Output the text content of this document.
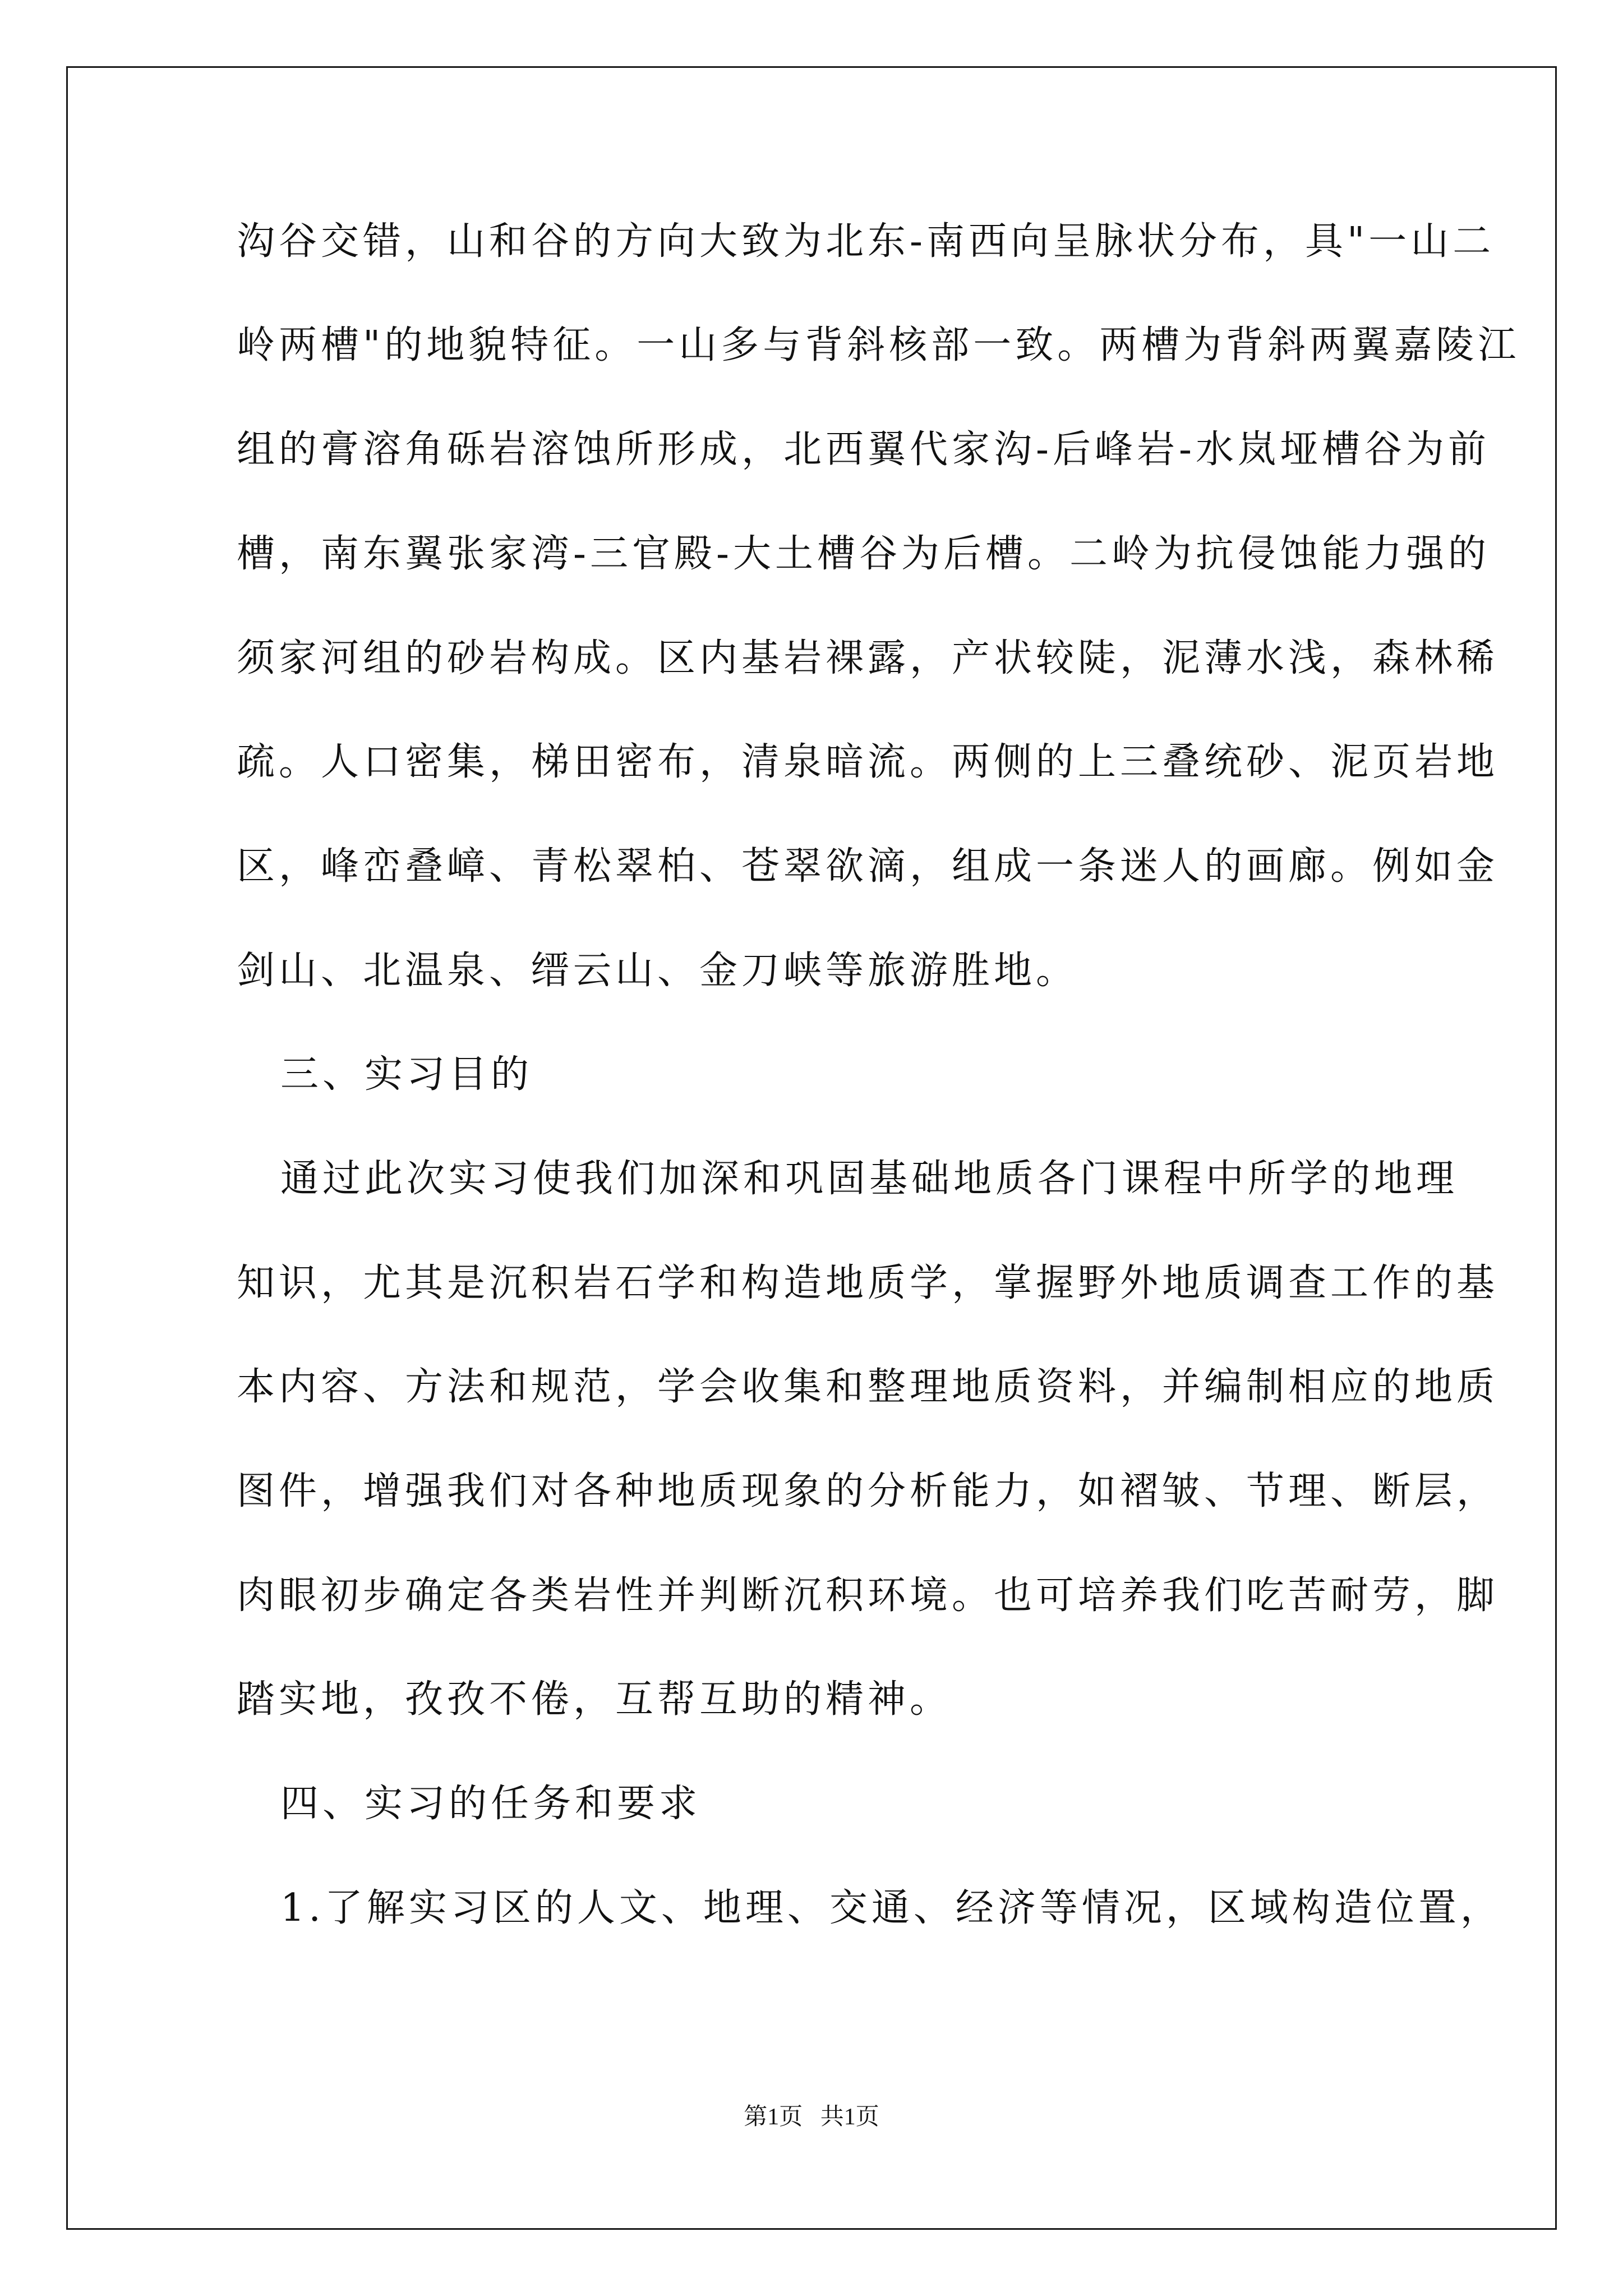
沟谷交错，山和谷的方向大致为北东-南西向呈脉状分布，具"一山二
岭两槽"的地貌特征。一山多与背斜核部一致。两槽为背斜两翼嘉陵江
组的膏溶角砾岩溶蚀所形成，北西翼代家沟-后峰岩-水岚垭槽谷为前
槽，南东翼张家湾-三官殿-大土槽谷为后槽。二岭为抗侵蚀能力强的
须家河组的砂岩构成。区内基岩裸露，产状较陡，泥薄水浅，森林稀
疏。人口密集，梯田密布，清泉暗流。两侧的上三叠统砂、泥页岩地
区，峰峦叠嶂、青松翠柏、苍翠欲滴，组成一条迷人的画廊。例如金
剑山、北温泉、缙云山、金刀峡等旅游胜地。
三、实习目的
通过此次实习使我们加深和巩固基础地质各门课程中所学的地理
知识，尤其是沉积岩石学和构造地质学，掌握野外地质调查工作的基
本内容、方法和规范，学会收集和整理地质资料，并编制相应的地质
图件，增强我们对各种地质现象的分析能力，如褶皱、节理、断层，
肉眼初步确定各类岩性并判断沉积环境。也可培养我们吃苦耐劳，脚
踏实地，孜孜不倦，互帮互助的精神。
四、实习的任务和要求
1.了解实习区的人文、地理、交通、经济等情况，区域构造位置，
第1页   共1页
